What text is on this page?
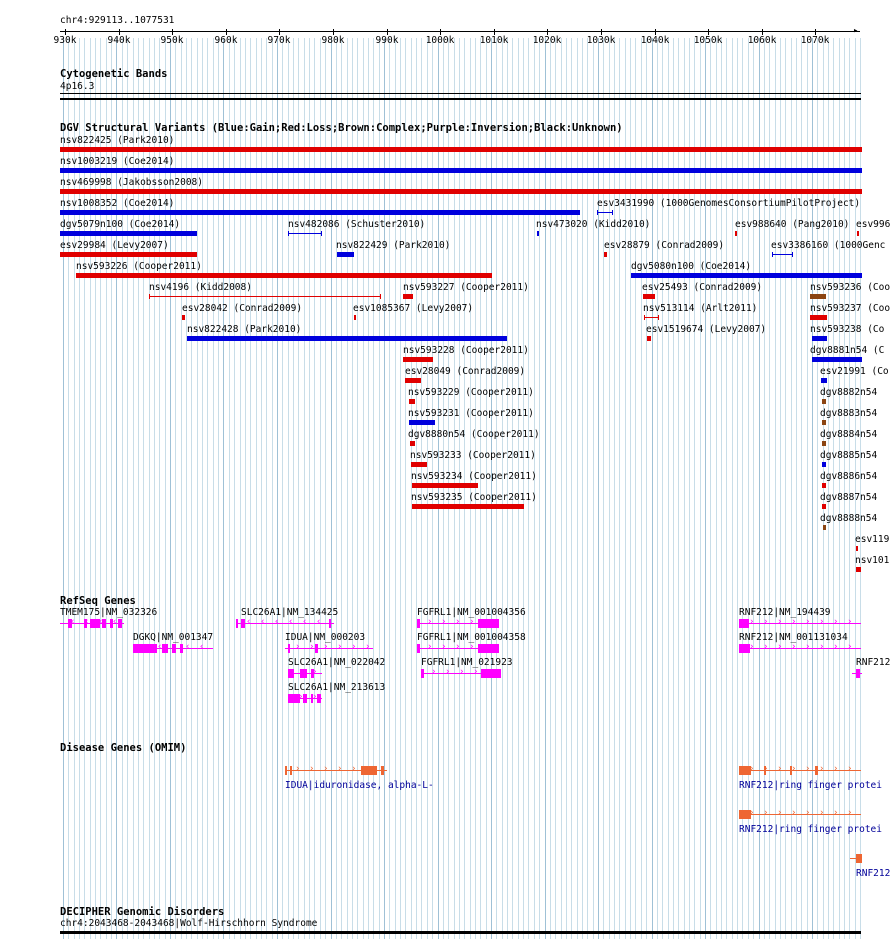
chr4:929113..1077531
▸
930k	940k	950k	960k	970k	980k	990k	1000k	1010k	1020k	1030k	1040k	1050k	1060k	1070k
Cytogenetic Bands
4p16.3
DGV Structural Variants (Blue:Gain;Red:Loss;Brown:Complex;Purple:Inversion;Black:Unknown)
nsv822425 (Park2010)
nsv1003219 (Coe2014)
nsv469998 (Jakobsson2008)
nsv1008352 (Coe2014)	esv3431990 (1000GenomesConsortiumPilotProject)
dgv5079n100 (Coe2014)	nsv482086 (Schuster2010)	nsv473020 (Kidd2010)	esv988640 (Pang2010) esv996
esv29984 (Levy2007)	nsv822429 (Park2010)	esv28879 (Conrad2009)	esv3386160 (1000Genc
nsv593226 (Cooper2011)	dgv5080n100 (Coe2014)
nsv4196 (Kidd2008)	nsv593227 (Cooper2011)	esv25493 (Conrad2009)	nsv593236 (Coo
esv28042 (Conrad2009)	esv1085367 (Levy2007)	nsv513114 (Arlt2011)	nsv593237 (Coo
nsv822428 (Park2010)	esv1519674 (Levy2007)	nsv593238 (Co
nsv593228 (Cooper2011)	dgv8881n54 (C
esv28049 (Conrad2009)	esv21991 (Co
nsv593229 (Cooper2011)	dgv8882n54
nsv593231 (Cooper2011)	dgv8883n54
dgv8880n54 (Cooper2011)	dgv8884n54
nsv593233 (Cooper2011)	dgv8885n54
nsv593234 (Cooper2011)	dgv8886n54
nsv593235 (Cooper2011)	dgv8887n54
dgv8888n54
esv119
nsv101
RefSeq Genes
TMEM175|NM_032326
‹ ‹ ‹ ‹
DGKQ|NM_001347
‹ ‹ ‹ ‹ ‹
SLC26A1|NM_134425
‹ ‹ ‹ ‹ ‹ ‹
IDUA|NM_000203
› › › › › ›
SLC26A1|NM_022042
› ›
SLC26A1|NM_213613
› ›
FGFRL1|NM_001004356
› › › › ›
FGFRL1|NM_001004358
› › › › ›
FGFRL1|NM_021923
› › › › ›
RNF212|NM_194439
› › › › › › › ›
RNF212|NM_001131034
› › › › › › › ›
RNF212
Disease Genes (OMIM)
IDUA|iduronidase, alpha-L-
› › › › › › ›
RNF212|ring finger protei
› › › › › › › ›
RNF212|ring finger protei
› › › › › › › ›
RNF212
DECIPHER Genomic Disorders
chr4:2043468-2043468|Wolf-Hirschhorn Syndrome
